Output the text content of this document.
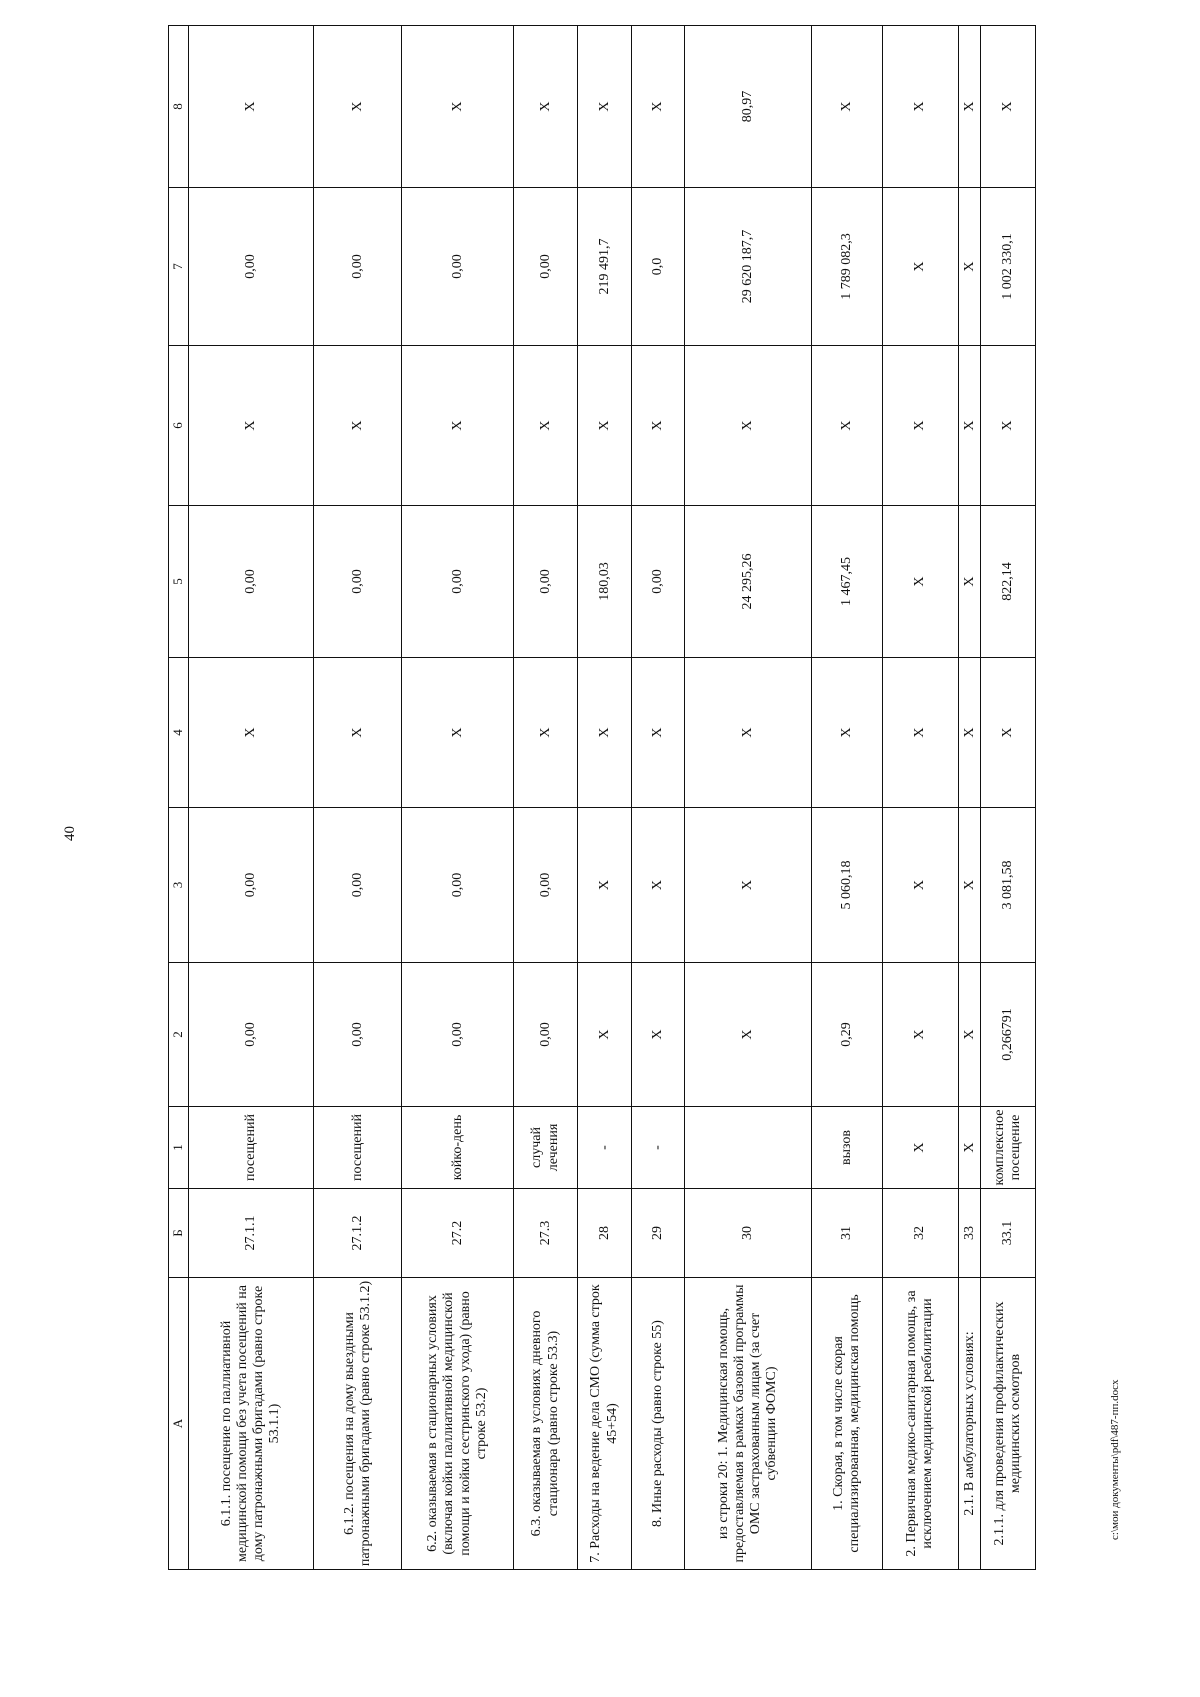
40
А	Б	1	2	3	4	5	6	7	8
6.1.1. посещение по паллиативной медицинской помощи без учета посещений на дому патронажными бригадами (равно строке 53.1.1)	27.1.1	посещений	0,00	0,00	X	0,00	X	0,00	X
6.1.2. посещения на дому выездными патронажными бригадами (равно строке 53.1.2)	27.1.2	посещений	0,00	0,00	X	0,00	X	0,00	X
6.2. оказываемая в стационарных условиях (включая койки паллиативной медицинской помощи и койки сестринского ухода) (равно строке 53.2)	27.2	койко-день	0,00	0,00	X	0,00	X	0,00	X
6.3. оказываемая в условиях дневного стационара (равно строке 53.3)	27.3	случай лечения	0,00	0,00	X	0,00	X	0,00	X
7. Расходы на ведение дела СМО (сумма строк 45+54)	28	-	X	X	X	180,03	X	219 491,7	X
8. Иные расходы (равно строке 55)	29	-	X	X	X	0,00	X	0,0	X
из строки 20: 1. Медицинская помощь, предоставляемая в рамках базовой программы ОМС застрахованным лицам (за счет субвенции ФОМС)	30		X	X	X	24 295,26	X	29 620 187,7	80,97
1. Скорая, в том числе скорая специализированная, медицинская помощь	31	вызов	0,29	5 060,18	X	1 467,45	X	1 789 082,3	X
2. Первичная медико-санитарная помощь, за исключением медицинской реабилитации	32	X	X	X	X	X	X	X	X
2.1. В амбулаторных условиях:	33	X	X	X	X	X	X	X	X
2.1.1. для проведения профилактических медицинских осмотров	33.1	комплексное посещение	0,266791	3 081,58	X	822,14	X	1 002 330,1	X
c:\мои документы\pdf\487-пп.docx
